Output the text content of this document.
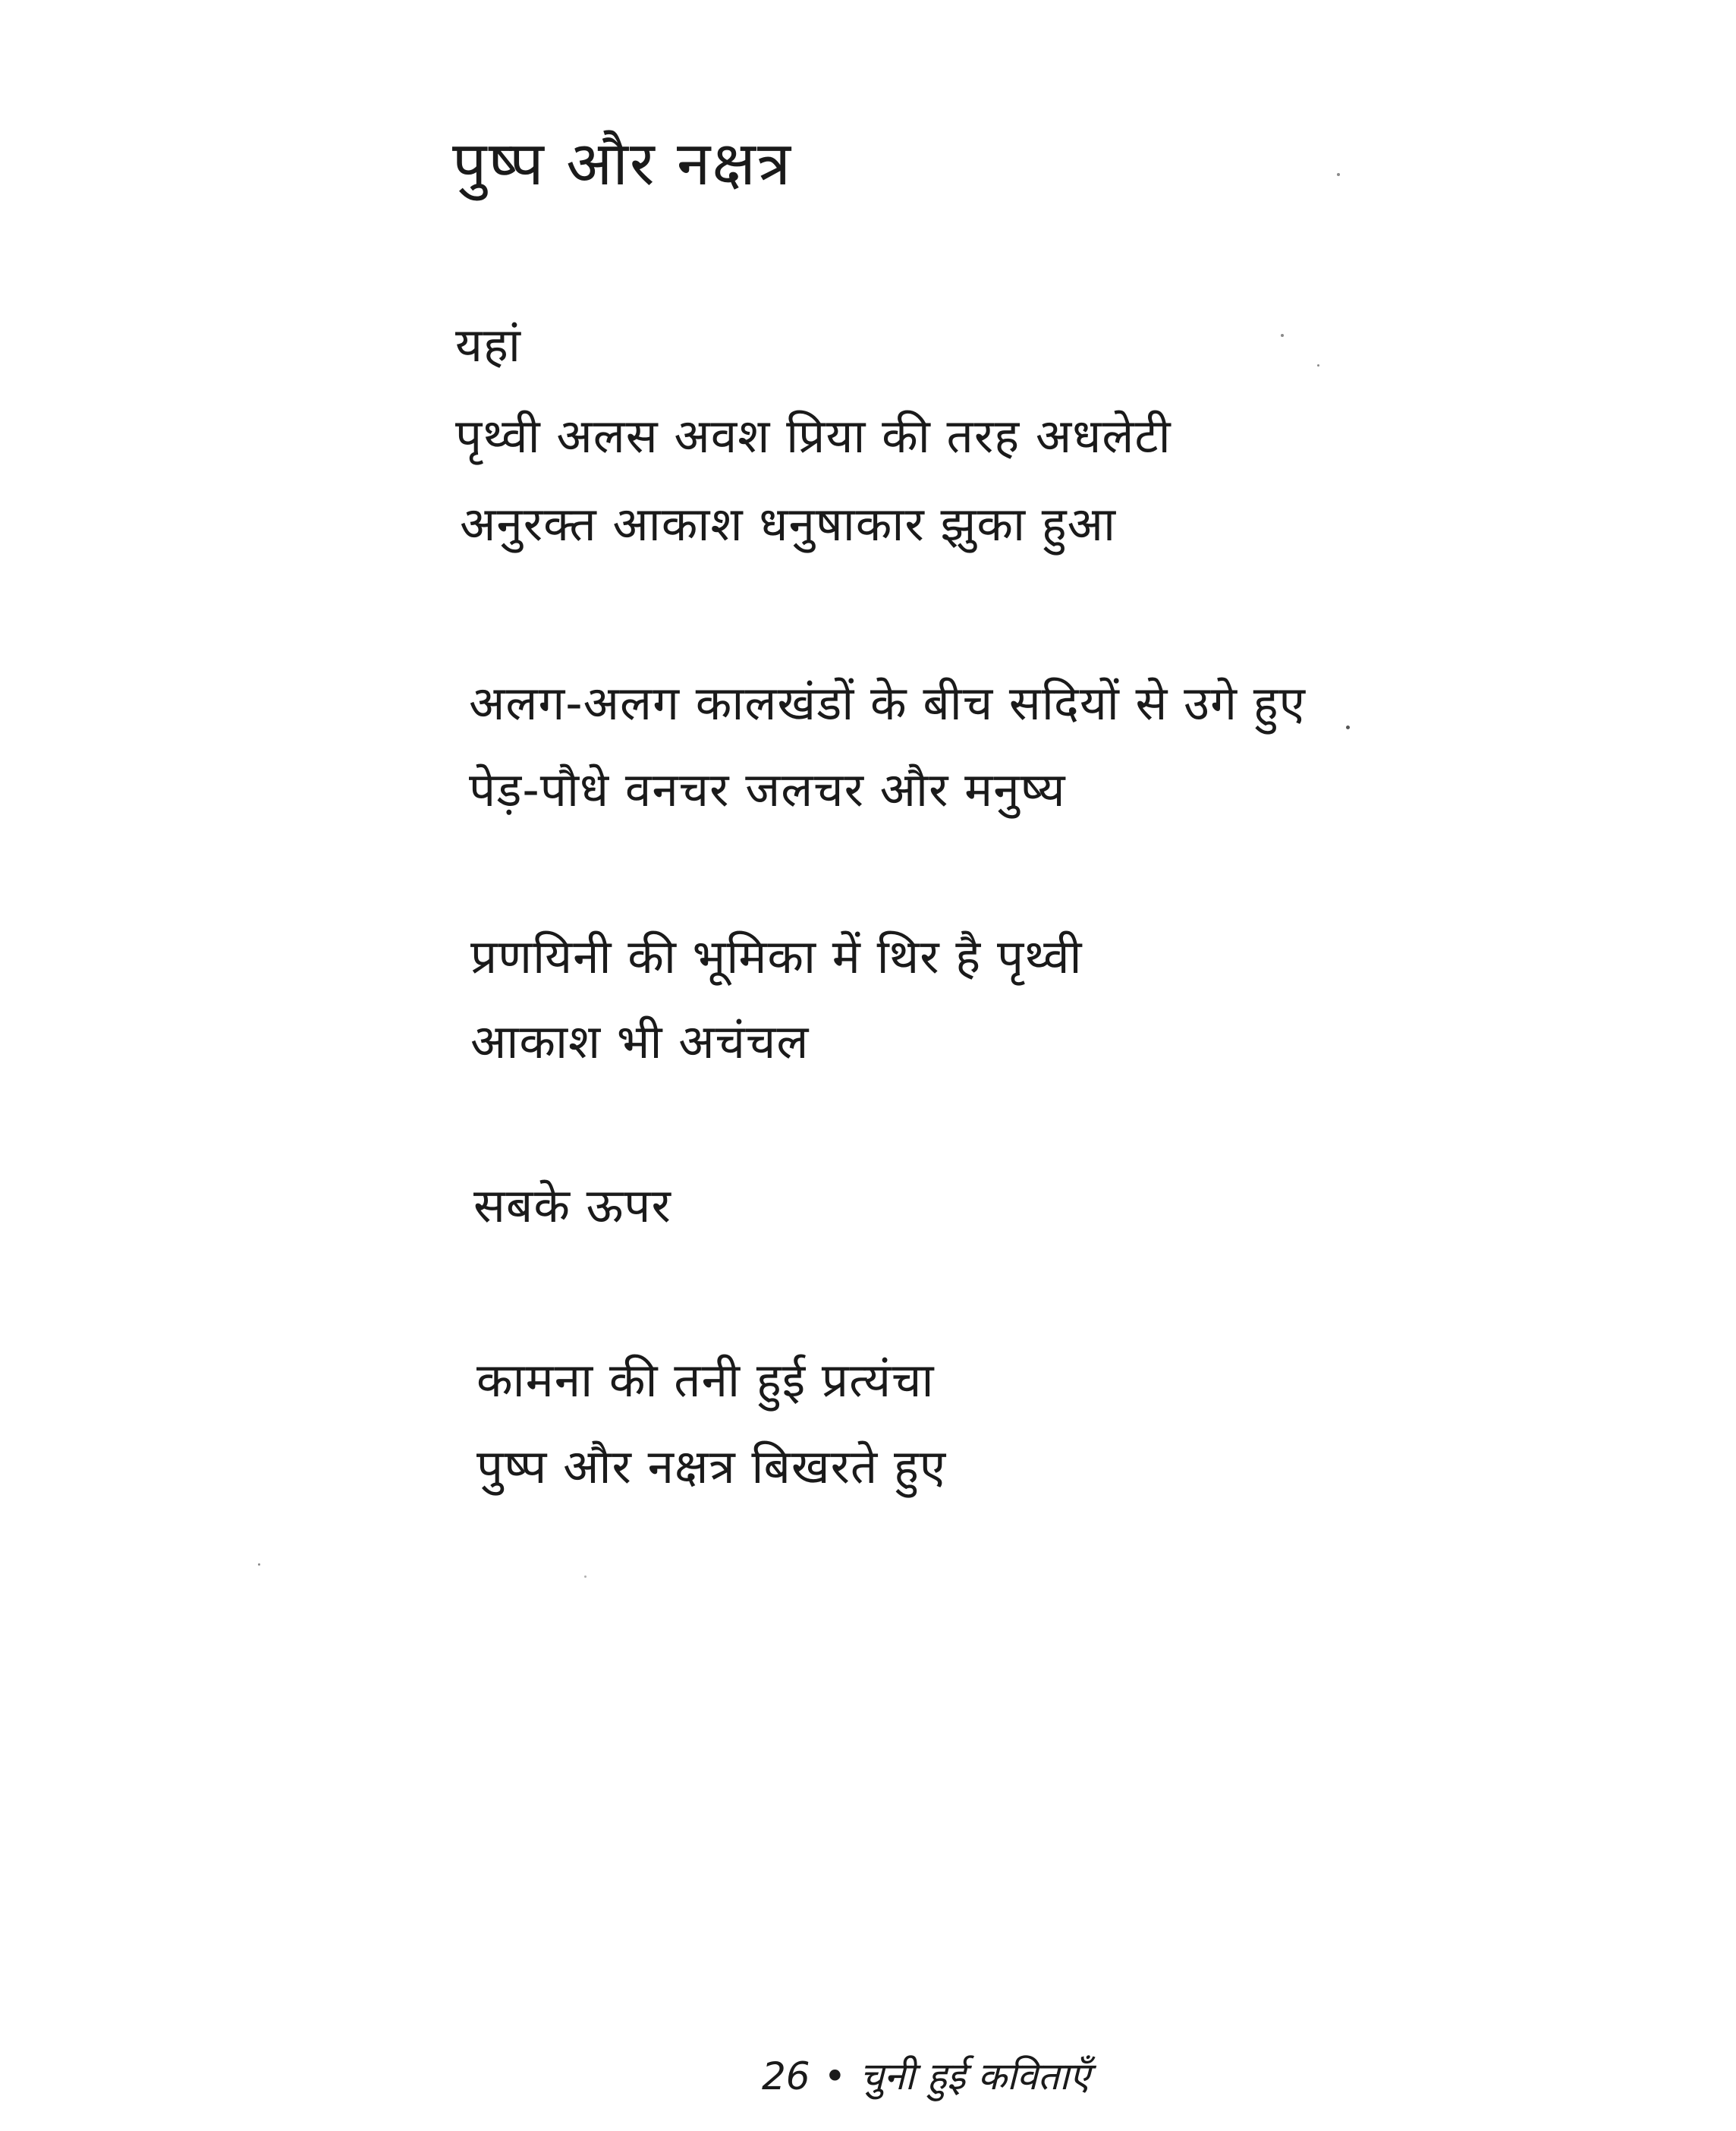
पुष्प और नक्षत्र
यहां
पृथ्वी अलस अवश प्रिया की तरह अधलेटी
अनुरक्त आकाश धनुषाकार झुका हुआ
अलग-अलग कालखंडों के बीच सदियों से उगे हुए
पेड़-पौधे वनचर जलचर और मनुष्य
प्रणयिनी की भूमिका में थिर है पृथ्वी
आकाश भी अचंचल
सबके ऊपर
कामना की तनी हुई प्रत्यंचा
पुष्प और नक्षत्र बिखरते हुए
26 • चुनी हुई कविताएँ
